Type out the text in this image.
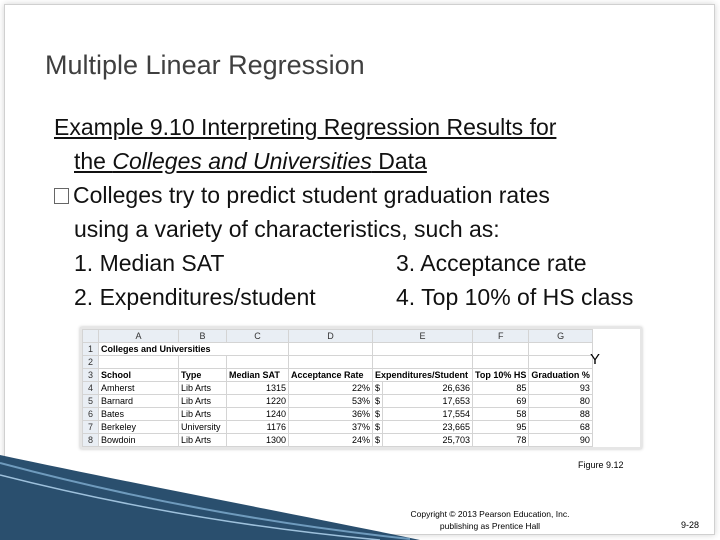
Multiple Linear Regression
Example 9.10 Interpreting Regression Results for
the Colleges and Universities Data
Colleges try to predict student graduation rates
using a variety of characteristics, such as:
1. Median SAT	3. Acceptance rate
2. Expenditures/student	4. Top 10% of HS class
	A	B	C	D	E		F	G
1	Colleges and Universities							
2								
3	School	Type	Median SAT	Acceptance Rate	Expenditures/Student		Top 10% HS	Graduation %
4	Amherst	Lib Arts	1315	22%	$	26,636	85	93
5	Barnard	Lib Arts	1220	53%	$	17,653	69	80
6	Bates	Lib Arts	1240	36%	$	17,554	58	88
7	Berkeley	University	1176	37%	$	23,665	95	68
8	Bowdoin	Lib Arts	1300	24%	$	25,703	78	90
Y
Figure 9.12
Copyright © 2013 Pearson Education, Inc.
publishing as Prentice Hall	9-28
